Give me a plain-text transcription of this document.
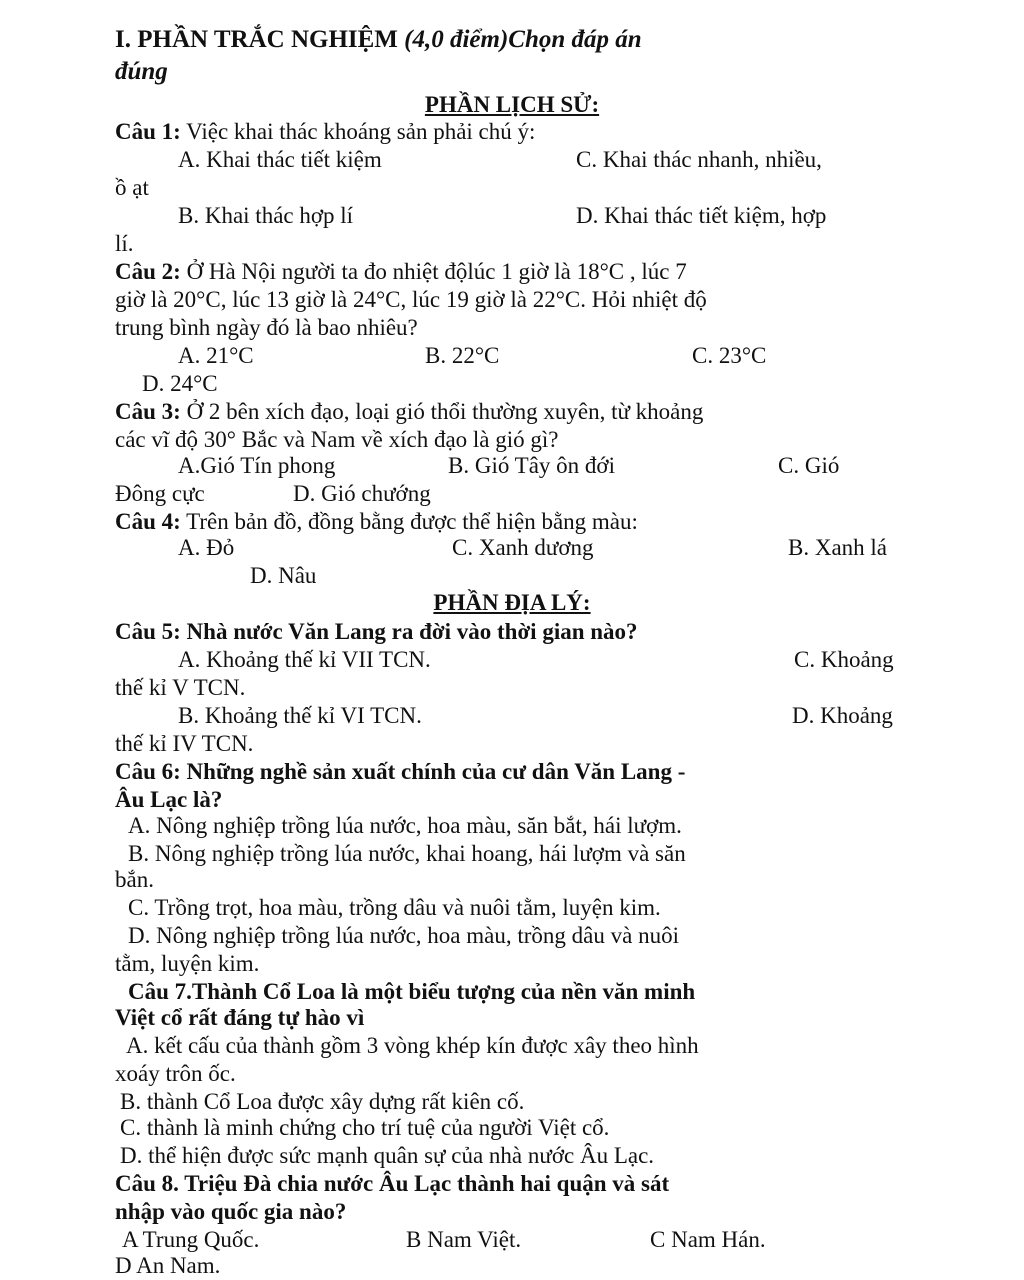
I. PHẦN TRẮC NGHIỆM (4,0 điểm)Chọn đáp án
đúng
PHẦN LỊCH SỬ:
Câu 1: Việc khai thác khoáng sản phải chú ý:
A. Khai thác tiết kiệm	C. Khai thác nhanh, nhiều,
ồ ạt
B. Khai thác hợp lí	D. Khai thác tiết kiệm, hợp
lí.
Câu 2: Ở Hà Nội người ta đo nhiệt độlúc 1 giờ là 18°C , lúc 7
giờ là 20°C, lúc 13 giờ là 24°C, lúc 19 giờ là 22°C. Hỏi nhiệt độ
trung bình ngày đó là bao nhiêu?
A. 21°C	B. 22°C	C. 23°C
D. 24°C
Câu 3: Ở 2 bên xích đạo, loại gió thổi thường xuyên, từ khoảng
các vĩ độ 30° Bắc và Nam về xích đạo là gió gì?
A.Gió Tín phong	B. Gió Tây ôn đới	C. Gió
Đông cực	D. Gió chướng
Câu 4: Trên bản đồ, đồng bằng được thể hiện bằng màu:
A. Đỏ	C. Xanh dương	B. Xanh lá
D. Nâu
PHẦN ĐỊA LÝ:
Câu 5: Nhà nước Văn Lang ra đời vào thời gian nào?
A. Khoảng thế kỉ VII TCN.	C. Khoảng
thế kỉ V TCN.
B. Khoảng thế kỉ VI TCN.	D. Khoảng
thế kỉ IV TCN.
Câu 6: Những nghề sản xuất chính của cư dân Văn Lang -
Âu Lạc là?
A. Nông nghiệp trồng lúa nước, hoa màu, săn bắt, hái lượm.
B. Nông nghiệp trồng lúa nước, khai hoang, hái lượm và săn
bắn.
C. Trồng trọt, hoa màu, trồng dâu và nuôi tằm, luyện kim.
D. Nông nghiệp trồng lúa nước, hoa màu, trồng dâu và nuôi
tằm, luyện kim.
Câu 7.Thành Cổ Loa là một biểu tượng của nền văn minh
Việt cổ rất đáng tự hào vì
A. kết cấu của thành gồm 3 vòng khép kín được xây theo hình
xoáy trôn ốc.
B. thành Cổ Loa được xây dựng rất kiên cố.
C. thành là minh chứng cho trí tuệ của người Việt cổ.
D. thể hiện được sức mạnh quân sự của nhà nước Âu Lạc.
Câu 8. Triệu Đà chia nước Âu Lạc thành hai quận và sát
nhập vào quốc gia nào?
A Trung Quốc.	B Nam Việt.	C Nam Hán.
D An Nam.
